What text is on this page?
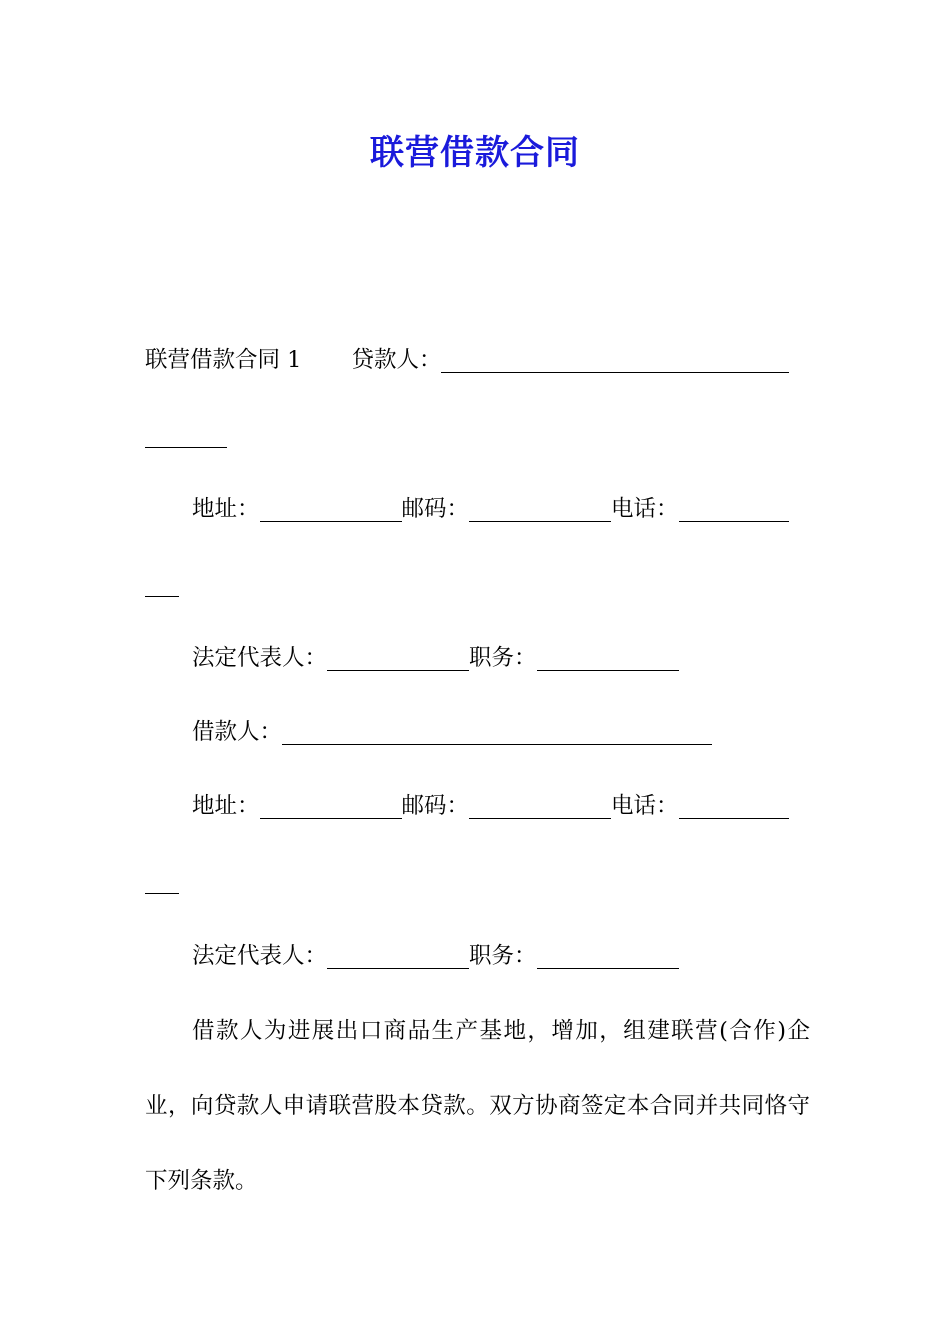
联营借款合同
联营借款合同 1 贷款人：
地址：	邮码：	电话：
法定代表人：	职务：
借款人：
地址：	邮码：	电话：
法定代表人：	职务：
借款人为进展出口商品生产基地，增加，组建联营(合作)企业，向贷款人申请联营股本贷款。双方协商签定本合同并共同恪守下列条款。
